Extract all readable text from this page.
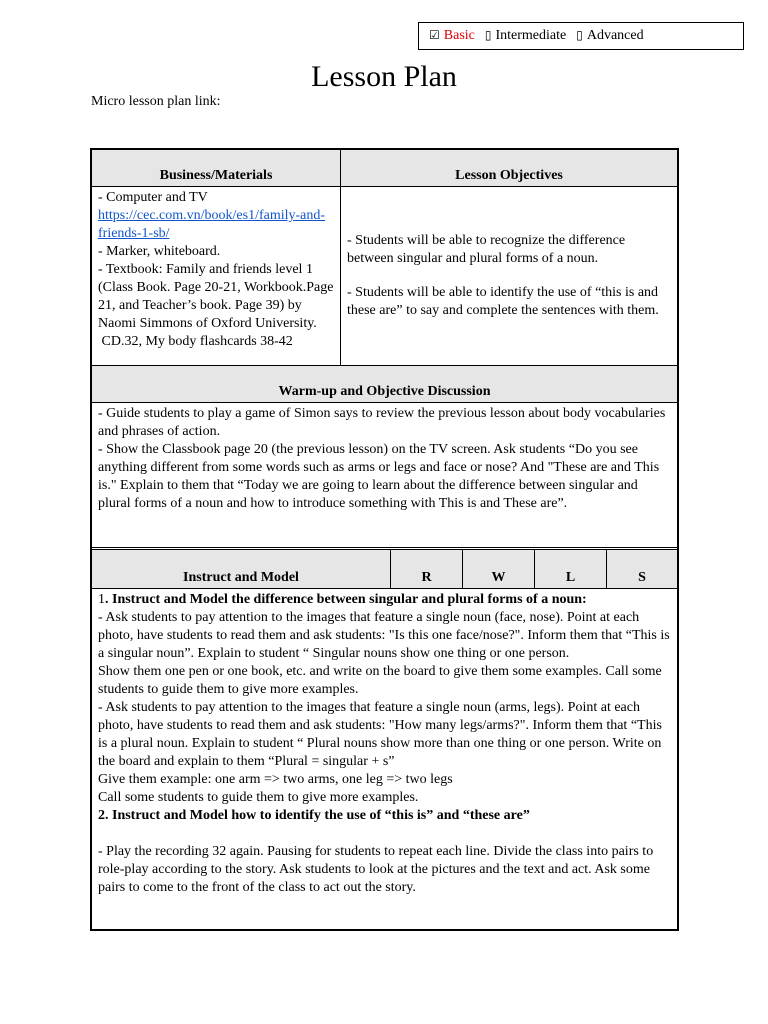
☑ Basic ▯ Intermediate ▯ Advanced
Lesson Plan
Micro lesson plan link:
Business/Materials	Lesson Objectives
- Computer and TV
https://cec.com.vn/book/es1/family-and-friends-1-sb/
- Marker, whiteboard.
- Textbook: Family and friends level 1 (Class Book. Page 20-21, Workbook.Page 21, and Teacher’s book. Page 39) by Naomi Simmons of Oxford University.
CD.32, My body flashcards 38-42

- Students will be able to recognize the difference between singular and plural forms of a noun.

- Students will be able to identify the use of “this is and these are” to say and complete the sentences with them.

Warm-up and Objective Discussion

- Guide students to play a game of Simon says to review the previous lesson about body vocabularies and phrases of action.

- Show the Classbook page 20 (the previous lesson) on the TV screen. Ask students “Do you see anything different from some words such as arms or legs and face or nose? And "These are and This is." Explain to them that “Today we are going to learn about the difference between singular and plural forms of a noun and how to introduce something with This is and These are”.

Instruct and Model	R	W	L	S

1. Instruct and Model the difference between singular and plural forms of a noun:

- Ask students to pay attention to the images that feature a single noun (face, nose). Point at each photo, have students to read them and ask students: "Is this one face/nose?". Inform them that “This is a singular noun”. Explain to student “ Singular nouns show one thing or one person.

Show them one pen or one book, etc. and write on the board to give them some examples. Call some students to guide them to give more examples.

- Ask students to pay attention to the images that feature a single noun (arms, legs). Point at each photo, have students to read them and ask students: "How many legs/arms?". Inform them that “This is a plural noun. Explain to student “ Plural nouns show more than one thing or one person. Write on the board and explain to them “Plural = singular + s”

Give them example: one arm => two arms, one leg => two legs

Call some students to guide them to give more examples.

2. Instruct and Model how to identify the use of “this is” and “these are”

- Play the recording 32 again. Pausing for students to repeat each line. Divide the class into pairs to role-play according to the story. Ask students to look at the pictures and the text and act. Ask some pairs to come to the front of the class to act out the story.
